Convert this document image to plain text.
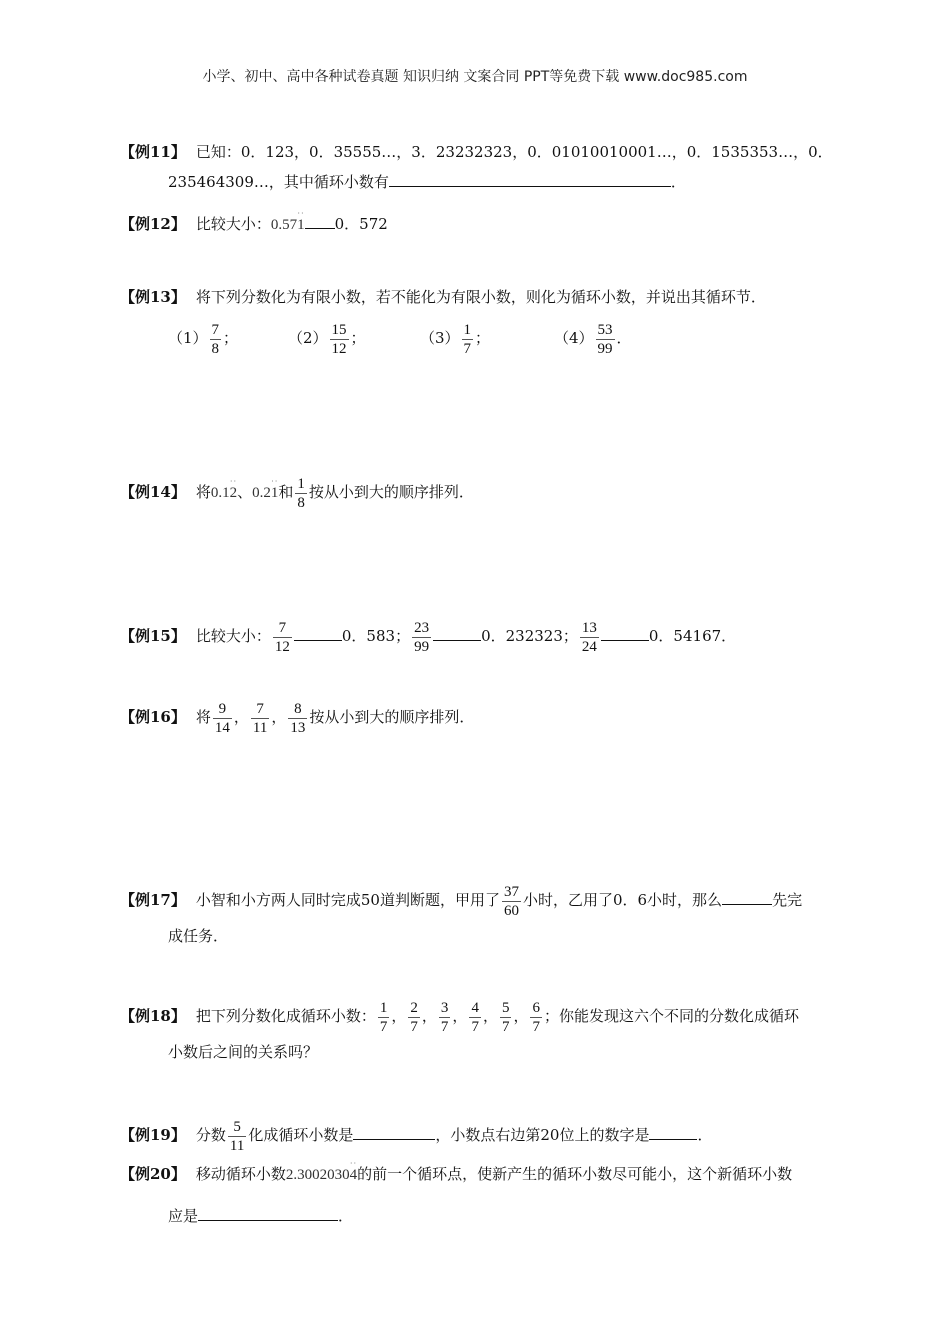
小学、初中、高中各种试卷真题 知识归纳 文案合同 PPT等免费下载 www.doc985.com
【例11】 已知：0．123，0．35555…，3．23232323，0．01010010001…，0．1535353…，0．
235464309…，其中循环小数有	．
【例12】 比较大小：0.571
··
0．572
【例13】 将下列分数化为有限小数，若不能化为有限小数，则化为循环小数，并说出其循环节．
$(1) \frac{7}{8}$ ；	$(2) \frac{15}{12}$ ；	$(3) \frac{1}{7}$ ；	$(4) \frac{53}{99}$ ．
【例14】 将0.12
··
、0.21
··
和 $\frac{1}{8}$ 按从小到大的顺序排列．
【例15】 比较大小： $\frac{7}{12}$	0．583； $\frac{23}{99}$	0．232323； $\frac{13}{24}$	0．54167．
【例16】 将 $\frac{9}{14}$ ， $\frac{7}{11}$ ， $\frac{8}{13}$ 按从小到大的顺序排列．
【例17】 小智和小方两人同时完成50道判断题，甲用了 $\frac{37}{60}$ 小时，乙用了0．6小时，那么	先完
成任务．
【例18】 把下列分数化成循环小数： $\frac{1}{7}$ ， $\frac{2}{7}$ ， $\frac{3}{7}$ ， $\frac{4}{7}$ ， $\frac{5}{7}$ ， $\frac{6}{7}$ ；你能发现这六个不同的分数化成循环
小数后之间的关系吗？
【例19】 分数 $\frac{5}{11}$ 化成循环小数是	，小数点右边第20位上的数字是	．
【例20】 移动循环小数2.30020304
··
的前一个循环点，使新产生的循环小数尽可能小，这个新循环小数
应是	．
